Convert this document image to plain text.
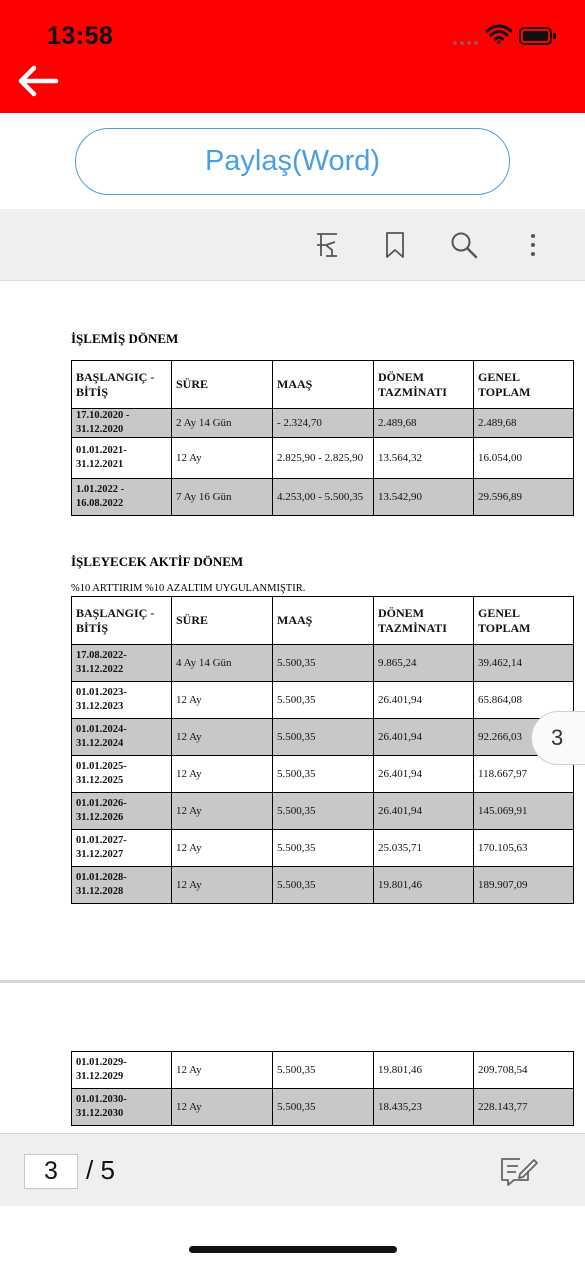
13:58
Paylaş(Word)
İŞLEMİŞ DÖNEM
BAŞLANGIÇ - BİTİŞ	SÜRE	MAAŞ	DÖNEM TAZMİNATI	GENEL TOPLAM
17.10.2020 - 31.12.2020	2 Ay 14 Gün	- 2.324,70	2.489,68	2.489,68
01.01.2021- 31.12.2021	12 Ay	2.825,90 - 2.825,90	13.564,32	16.054,00
1.01.2022 - 16.08.2022	7 Ay 16 Gün	4.253,00 - 5.500,35	13.542,90	29.596,89
İŞLEYECEK AKTİF DÖNEM
%10 ARTTIRIM %10 AZALTIM UYGULANMIŞTIR.
BAŞLANGIÇ - BİTİŞ	SÜRE	MAAŞ	DÖNEM TAZMİNATI	GENEL TOPLAM
17.08.2022- 31.12.2022	4 Ay 14 Gün	5.500,35	9.865,24	39.462,14
01.01.2023- 31.12.2023	12 Ay	5.500,35	26.401,94	65.864,08
01.01.2024- 31.12.2024	12 Ay	5.500,35	26.401,94	92.266,03
01.01.2025- 31.12.2025	12 Ay	5.500,35	26.401,94	118.667,97
01.01.2026- 31.12.2026	12 Ay	5.500,35	26.401,94	145.069,91
01.01.2027- 31.12.2027	12 Ay	5.500,35	25.035,71	170.105,63
01.01.2028- 31.12.2028	12 Ay	5.500,35	19.801,46	189.907,09
01.01.2029- 31.12.2029	12 Ay	5.500,35	19.801,46	209.708,54
01.01.2030- 31.12.2030	12 Ay	5.500,35	18.435,23	228.143,77
3
3	/ 5
